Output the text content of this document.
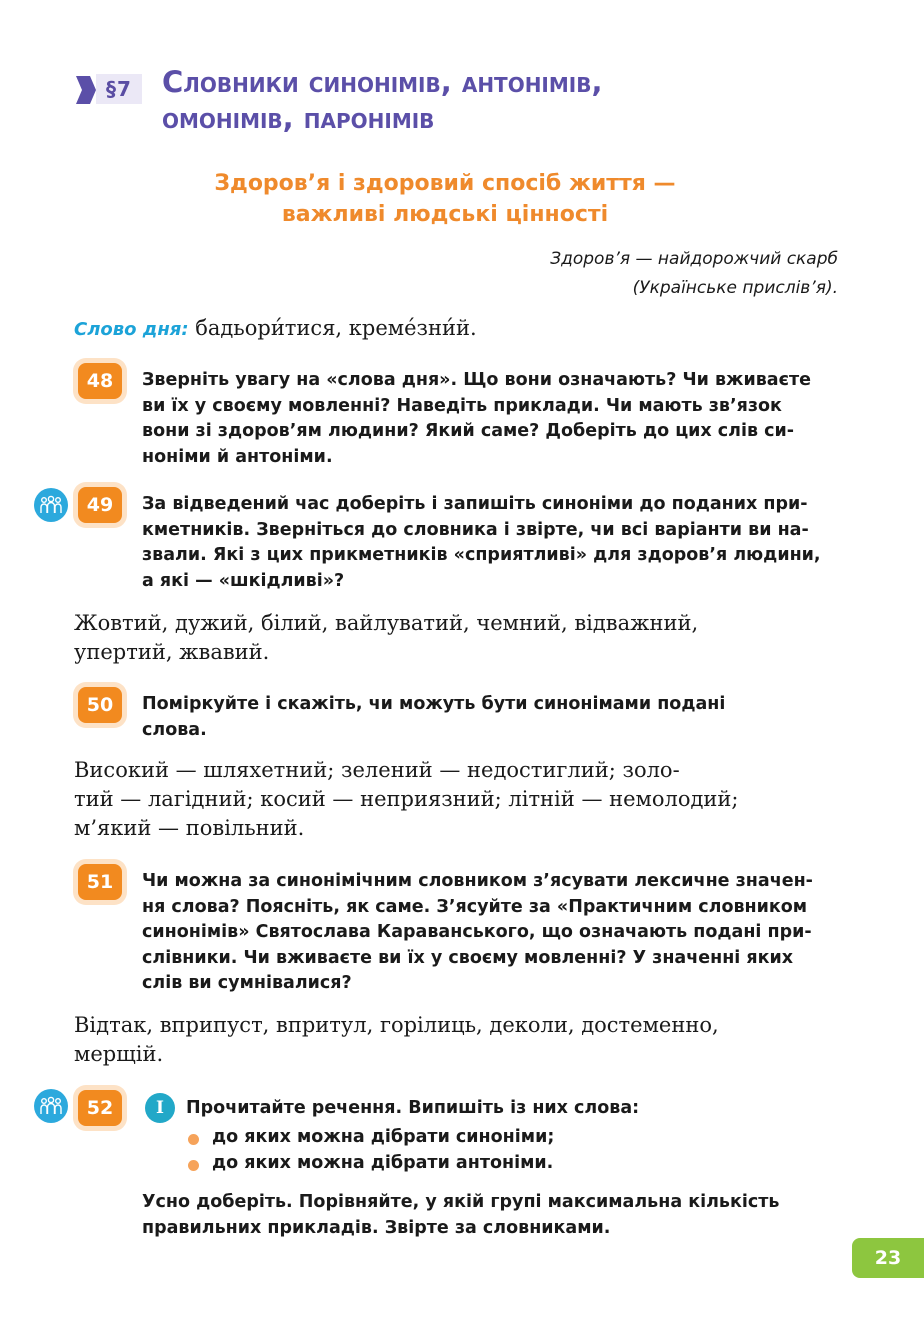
§7	Словники синонімів, антонімів,
омонімів, паронімів
Здоров’я і здоровий спосіб життя —
важливі людські цінності
Здоров’я — найдорожчий скарб
(Українське прислів’я).
Слово дня: бадьори́тися, креме́зни́й.
48	Зверніть увагу на «слова дня». Що вони означають? Чи вживаєте
ви їх у своєму мовленні? Наведіть приклади. Чи мають зв’язок
вони зі здоров’ям людини? Який саме? Доберіть до цих слів си-
ноніми й антоніми.
49	За відведений час доберіть і запишіть синоніми до поданих при-
кметників. Зверніться до словника і звірте, чи всі варіанти ви на-
звали. Які з цих прикметників «сприятливі» для здоров’я людини,
а які — «шкідливі»?
Жовтий, дужий, білий, вайлуватий, чемний, відважний,
упертий, жвавий.
50	Поміркуйте і скажіть, чи можуть бути синонімами подані
слова.
Високий — шляхетний; зелений — недостиглий; золо-
тий — лагідний; косий — неприязний; літній — немолодий;
м’який — повільний.
51	Чи можна за синонімічним словником з’ясувати лексичне значен-
ня слова? Поясніть, як саме. З’ясуйте за «Практичним словником
синонімів» Святослава Караванського, що означають подані при-
слівники. Чи вживаєте ви їх у своєму мовленні? У значенні яких
слів ви сумнівалися?
Відтак, вприпуст, впритул, горілиць, деколи, достеменно,
мерщій.
52	I	Прочитайте речення. Випишіть із них слова:
до яких можна дібрати синоніми;
до яких можна дібрати антоніми.
Усно доберіть. Порівняйте, у якій групі максимальна кількість
правильних прикладів. Звірте за словниками.
23
